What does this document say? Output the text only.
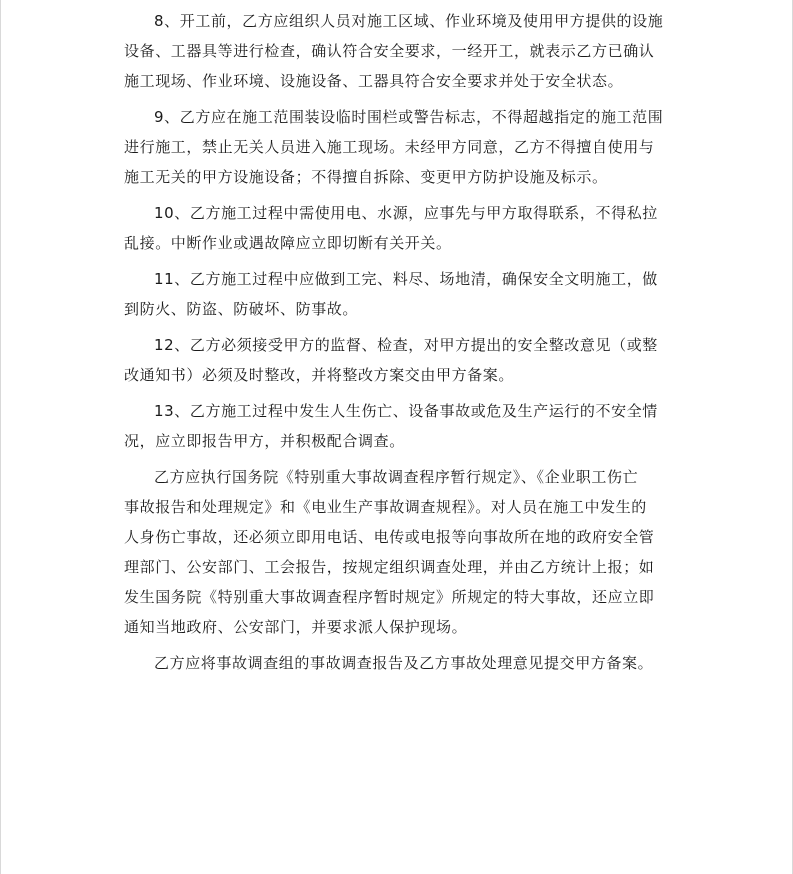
8、开工前，乙方应组织人员对施工区域、作业环境及使用甲方提供的设施
设备、工器具等进行检查，确认符合安全要求，一经开工，就表示乙方已确认
施工现场、作业环境、设施设备、工器具符合安全要求并处于安全状态。

9、乙方应在施工范围装设临时围栏或警告标志，不得超越指定的施工范围
进行施工，禁止无关人员进入施工现场。未经甲方同意，乙方不得擅自使用与
施工无关的甲方设施设备；不得擅自拆除、变更甲方防护设施及标示。

10、乙方施工过程中需使用电、水源，应事先与甲方取得联系，不得私拉
乱接。中断作业或遇故障应立即切断有关开关。

11、乙方施工过程中应做到工完、料尽、场地清，确保安全文明施工，做
到防火、防盗、防破坏、防事故。

12、乙方必须接受甲方的监督、检查，对甲方提出的安全整改意见（或整
改通知书）必须及时整改，并将整改方案交由甲方备案。

13、乙方施工过程中发生人生伤亡、设备事故或危及生产运行的不安全情
况，应立即报告甲方，并积极配合调查。

乙方应执行国务院《特别重大事故调查程序暂行规定》、《企业职工伤亡
事故报告和处理规定》和《电业生产事故调查规程》。对人员在施工中发生的
人身伤亡事故，还必须立即用电话、电传或电报等向事故所在地的政府安全管
理部门、公安部门、工会报告，按规定组织调查处理，并由乙方统计上报；如
发生国务院《特别重大事故调查程序暂时规定》所规定的特大事故，还应立即
通知当地政府、公安部门，并要求派人保护现场。

乙方应将事故调查组的事故调查报告及乙方事故处理意见提交甲方备案。
